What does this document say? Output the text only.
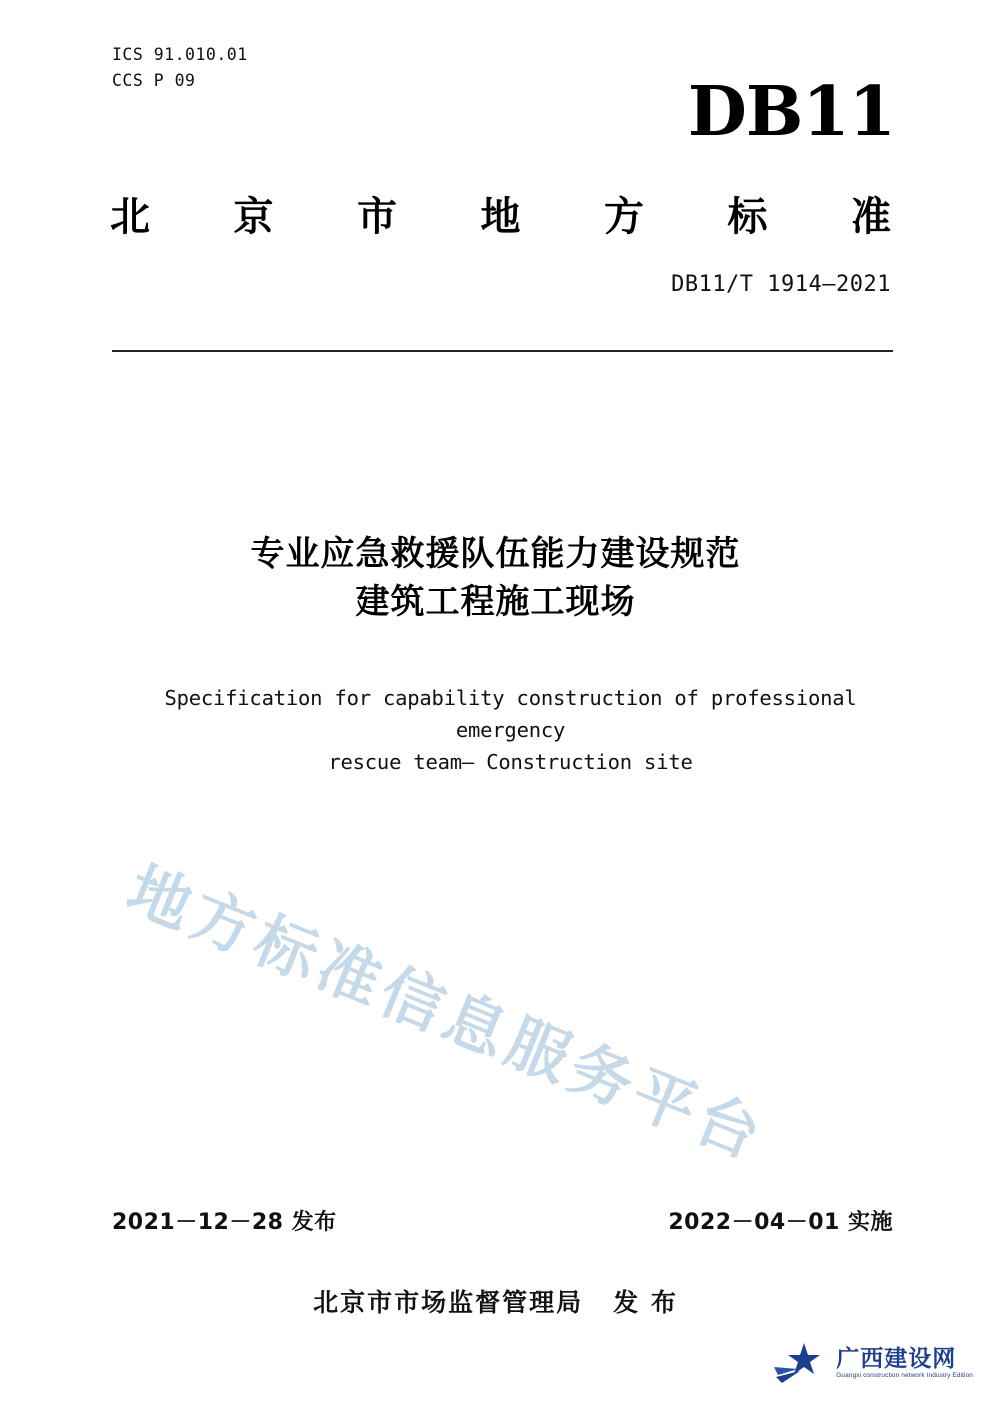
ICS 91.010.01
CCS P 09	DB11
北 京 市 地 方 标 准
DB11/T 1914—2021
专业应急救援队伍能力建设规范
建筑工程施工现场
Specification for capability construction of professional emergency
rescue team— Construction site
地方标准信息服务平台
2021－12－28 发布	2022－04－01 实施
北京市市场监督管理局 发 布
广西建设网
Guangxi construction network Industry Edition
